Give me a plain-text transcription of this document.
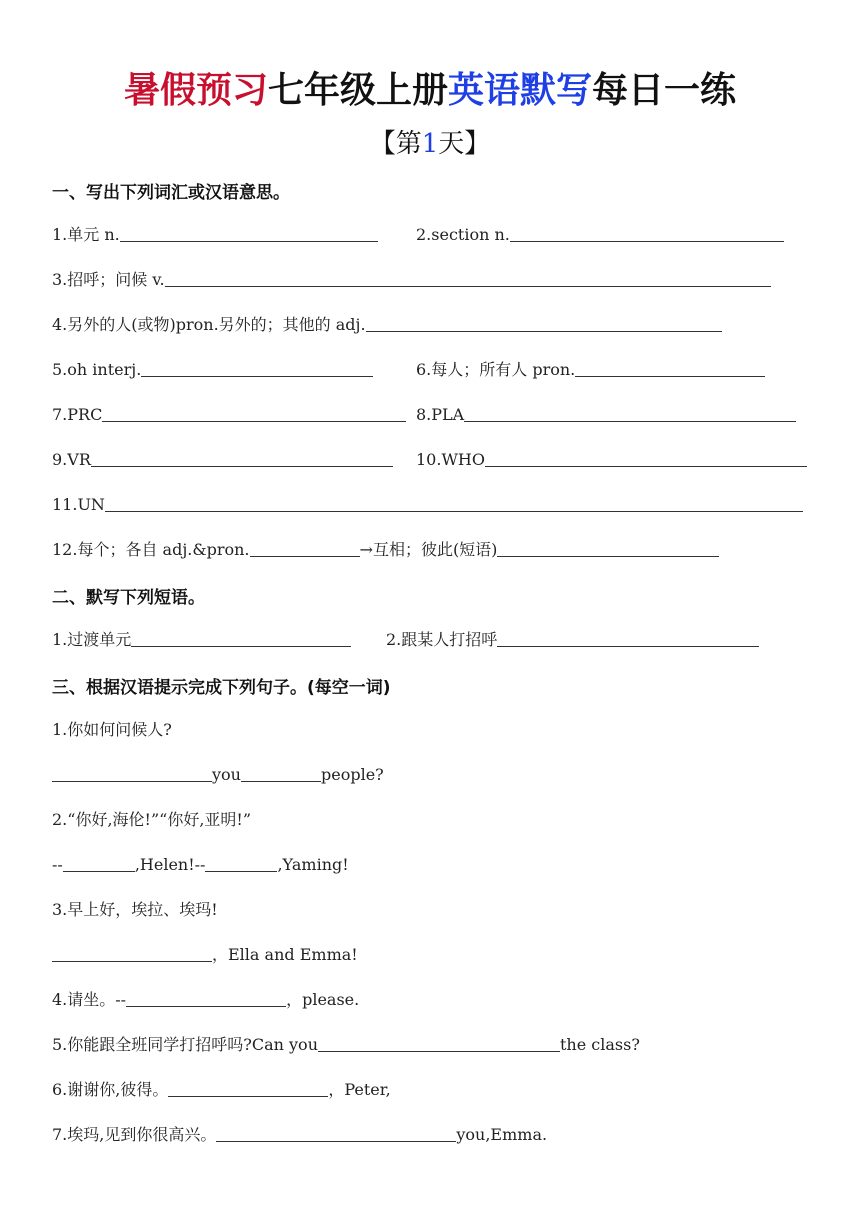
暑假预习七年级上册英语默写每日一练
【第1天】
一、写出下列词汇或汉语意思。
1.单元 n.	2.section n.
3.招呼；问候 v.
4.另外的人(或物)pron.另外的；其他的 adj.
5.oh interj.	6.每人；所有人 pron.
7.PRC	8.PLA
9.VR	10.WHO
11.UN
12.每个；各自 adj.&pron.	→互相；彼此(短语)
二、默写下列短语。
1.过渡单元	2.跟某人打招呼
三、根据汉语提示完成下列句子。(每空一词)
1.你如何问候人?
you	people?
2.“你好,海伦!”“你好,亚明!”
--	,Helen!--	,Yaming!
3.早上好，埃拉、埃玛!
，Ella and Emma!
4.请坐。--	，please.
5.你能跟全班同学打招呼吗?Can you	the class?
6.谢谢你,彼得。	，Peter,
7.埃玛,见到你很高兴。	you,Emma.
